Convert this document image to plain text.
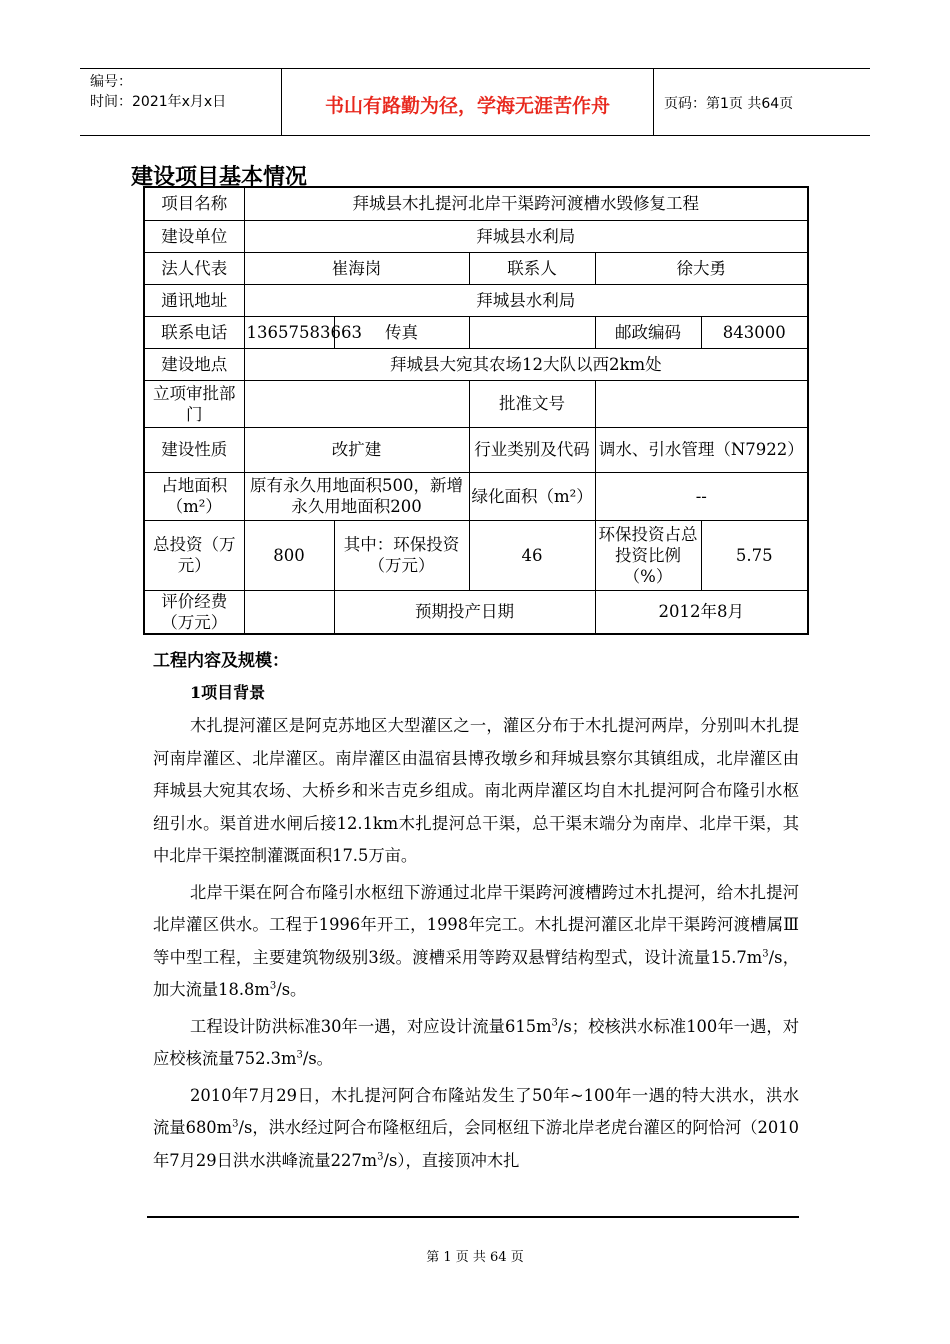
编号：
时间：2021年x月x日	书山有路勤为径，学海无涯苦作舟	页码：第1页 共64页
建设项目基本情况
项目名称	拜城县木扎提河北岸干渠跨河渡槽水毁修复工程				
建设单位	拜城县水利局				
法人代表	崔海岗		联系人	徐大勇	
通讯地址	拜城县水利局				
联系电话	13657583663	传真		邮政编码	843000
建设地点	拜城县大宛其农场12大队以西2km处				
立项审批部门			批准文号		
建设性质	改扩建		行业类别及代码	调水、引水管理（N7922）	
占地面积（m²）	原有永久用地面积500，新增永久用地面积200		绿化面积（m²）	--	
总投资（万元）	800	其中：环保投资（万元）	46	环保投资占总投资比例（%）	5.75
评价经费（万元）		预期投产日期		2012年8月	
工程内容及规模：
1项目背景

木扎提河灌区是阿克苏地区大型灌区之一，灌区分布于木扎提河两岸，分别叫木扎提河南岸灌区、北岸灌区。南岸灌区由温宿县博孜墩乡和拜城县察尔其镇组成，北岸灌区由拜城县大宛其农场、大桥乡和米吉克乡组成。南北两岸灌区均自木扎提河阿合布隆引水枢纽引水。渠首进水闸后接12.1km木扎提河总干渠，总干渠末端分为南岸、北岸干渠，其中北岸干渠控制灌溉面积17.5万亩。

北岸干渠在阿合布隆引水枢纽下游通过北岸干渠跨河渡槽跨过木扎提河，给木扎提河北岸灌区供水。工程于1996年开工，1998年完工。木扎提河灌区北岸干渠跨河渡槽属Ⅲ等中型工程，主要建筑物级别3级。渡槽采用等跨双悬臂结构型式，设计流量$15.7m^3/s$，加大流量$18.8m^3/s$。

工程设计防洪标准30年一遇，对应设计流量$615m^3/s$；校核洪水标准100年一遇，对应校核流量$752.3m^3/s$。

2010年7月29日，木扎提河阿合布隆站发生了50年~100年一遇的特大洪水，洪水流量$680m^3/s$，洪水经过阿合布隆枢纽后，会同枢纽下游北岸老虎台灌区的阿恰河（2010年7月29日洪水洪峰流量$227m^3/s$），直接顶冲木扎

第 1 页 共 64 页
